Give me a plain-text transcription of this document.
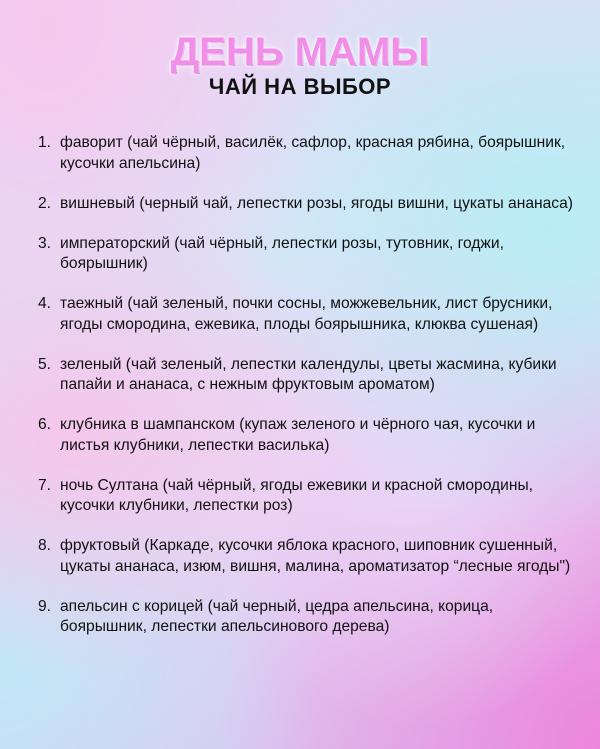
ДЕНЬ МАМЫ
ЧАЙ НА ВЫБОР
1. фаворит (чай чёрный, василёк, сафлор, красная рябина, боярышник, кусочки апельсина)
2. вишневый (черный чай, лепестки розы, ягоды вишни, цукаты ананаса)
3. императорский (чай чёрный, лепестки розы, тутовник, годжи, боярышник)
4. таежный (чай зеленый, почки сосны, можжевельник, лист брусники, ягоды смородина, ежевика, плоды боярышника, клюква сушеная)
5. зеленый (чай зеленый, лепестки календулы, цветы жасмина, кубики папайи и ананаса, с нежным фруктовым ароматом)
6. клубника в шампанском (купаж зеленого и чёрного чая, кусочки и листья клубники, лепестки василька)
7. ночь Султана (чай чёрный, ягоды ежевики и красной смородины, кусочки клубники, лепестки роз)
8. фруктовый (Каркаде, кусочки яблока красного, шиповник сушенный, цукаты ананаса, изюм, вишня, малина, ароматизатор “лесные ягоды")
9. апельсин с корицей (чай черный, цедра апельсина, корица, боярышник, лепестки апельсинового дерева)
